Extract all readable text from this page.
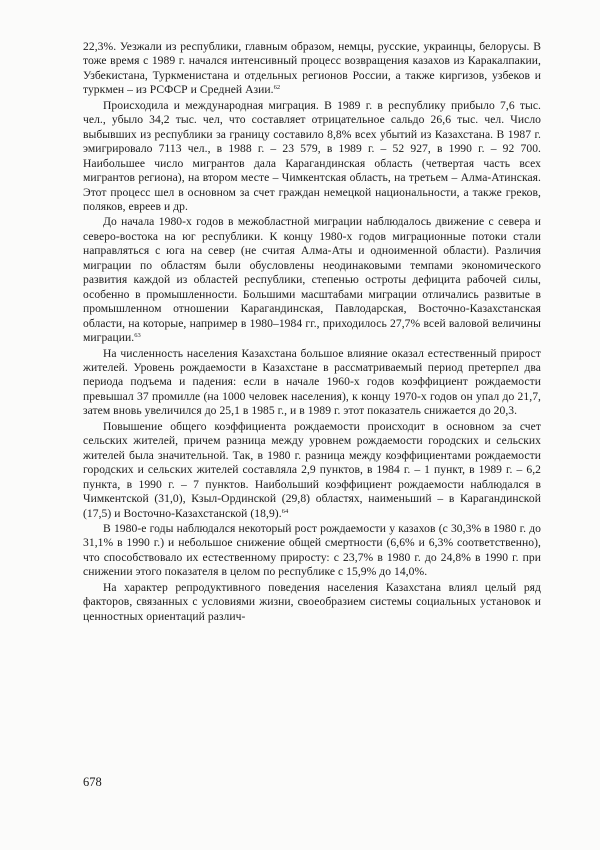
22,3%. Уезжали из республики, главным образом, немцы, русские, украинцы, белорусы. В тоже время с 1989 г. начался интенсивный процесс возвращения казахов из Каракалпакии, Узбекистана, Туркменистана и отдельных регионов России, а также киргизов, узбеков и туркмен – из РСФСР и Средней Азии.$^{62}$

Происходила и международная миграция. В 1989 г. в республику прибыло 7,6 тыс. чел., убыло 34,2 тыс. чел, что составляет отрицательное сальдо 26,6 тыс. чел. Число выбывших из республики за границу составило 8,8% всех убытий из Казахстана. В 1987 г. эмигрировало 7113 чел., в 1988 г. – 23 579, в 1989 г. – 52 927, в 1990 г. – 92 700. Наибольшее число мигрантов дала Карагандинская область (четвертая часть всех мигрантов региона), на втором месте – Чимкентская область, на третьем – Алма-Атинская. Этот процесс шел в основном за счет граждан немецкой национальности, а также греков, поляков, евреев и др.

До начала 1980-х годов в межобластной миграции наблюдалось движение с севера и северо-востока на юг республики. К концу 1980-х годов миграционные потоки стали направляться с юга на север (не считая Алма-Аты и одноименной области). Различия миграции по областям были обусловлены неодинаковыми темпами экономического развития каждой из областей республики, степенью остроты дефицита рабочей силы, особенно в промышленности. Большими масштабами миграции отличались развитые в промышленном отношении Карагандинская, Павлодарская, Восточно-Казахстанская области, на которые, например в 1980–1984 гг., приходилось 27,7% всей валовой величины миграции.$^{63}$

На численность населения Казахстана большое влияние оказал естественный прирост жителей. Уровень рождаемости в Казахстане в рассматриваемый период претерпел два периода подъема и падения: если в начале 1960-х годов коэффициент рождаемости превышал 37 промилле (на 1000 человек населения), к концу 1970-х годов он упал до 21,7, затем вновь увеличился до 25,1 в 1985 г., и в 1989 г. этот показатель снижается до 20,3.

Повышение общего коэффициента рождаемости происходит в основном за счет сельских жителей, причем разница между уровнем рождаемости городских и сельских жителей была значительной. Так, в 1980 г. разница между коэффициентами рождаемости городских и сельских жителей составляла 2,9 пунктов, в 1984 г. – 1 пункт, в 1989 г. – 6,2 пункта, в 1990 г. – 7 пунктов. Наибольший коэффициент рождаемости наблюдался в Чимкентской (31,0), Кзыл-Ординской (29,8) областях, наименьший – в Карагандинской (17,5) и Восточно-Казахстанской (18,9).$^{64}$

В 1980-е годы наблюдался некоторый рост рождаемости у казахов (с 30,3% в 1980 г. до 31,1% в 1990 г.) и небольшое снижение общей смертности (6,6% и 6,3% соответственно), что способствовало их естественному приросту: с 23,7% в 1980 г. до 24,8% в 1990 г. при снижении этого показателя в целом по республике с 15,9% до 14,0%.

На характер репродуктивного поведения населения Казахстана влиял целый ряд факторов, связанных с условиями жизни, своеобразием системы социальных установок и ценностных ориентаций различ-

678
